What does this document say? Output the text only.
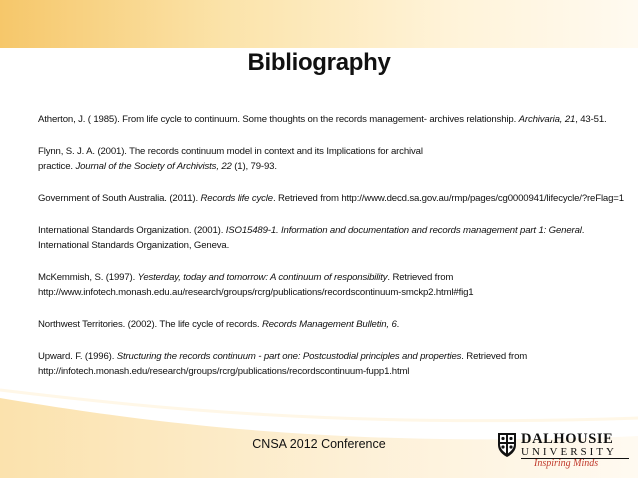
Bibliography
Atherton, J. ( 1985). From life cycle to continuum. Some thoughts on the records management- archives relationship. Archivaria, 21, 43-51.
Flynn, S. J. A. (2001). The records continuum model in context and its Implications for archival
practice. Journal of the Society of Archivists, 22 (1), 79-93.
Government of South Australia. (2011). Records life cycle. Retrieved from http://www.decd.sa.gov.au/rmp/pages/cg0000941/lifecycle/?reFlag=1
International Standards Organization. (2001). ISO15489-1. Information and documentation and records management part 1: General.
International Standards Organization, Geneva.
McKemmish, S. (1997). Yesterday, today and tomorrow: A continuum of responsibility. Retrieved from
http://www.infotech.monash.edu.au/research/groups/rcrg/publications/recordscontinuum-smckp2.html#fig1
Northwest Territories. (2002). The life cycle of records. Records Management Bulletin, 6.
Upward. F. (1996). Structuring the records continuum - part one: Postcustodial principles and properties. Retrieved from
http://infotech.monash.edu/research/groups/rcrg/publications/recordscontinuum-fupp1.html
CNSA 2012 Conference	DALHOUSIE
UNIVERSITY
Inspiring Minds
